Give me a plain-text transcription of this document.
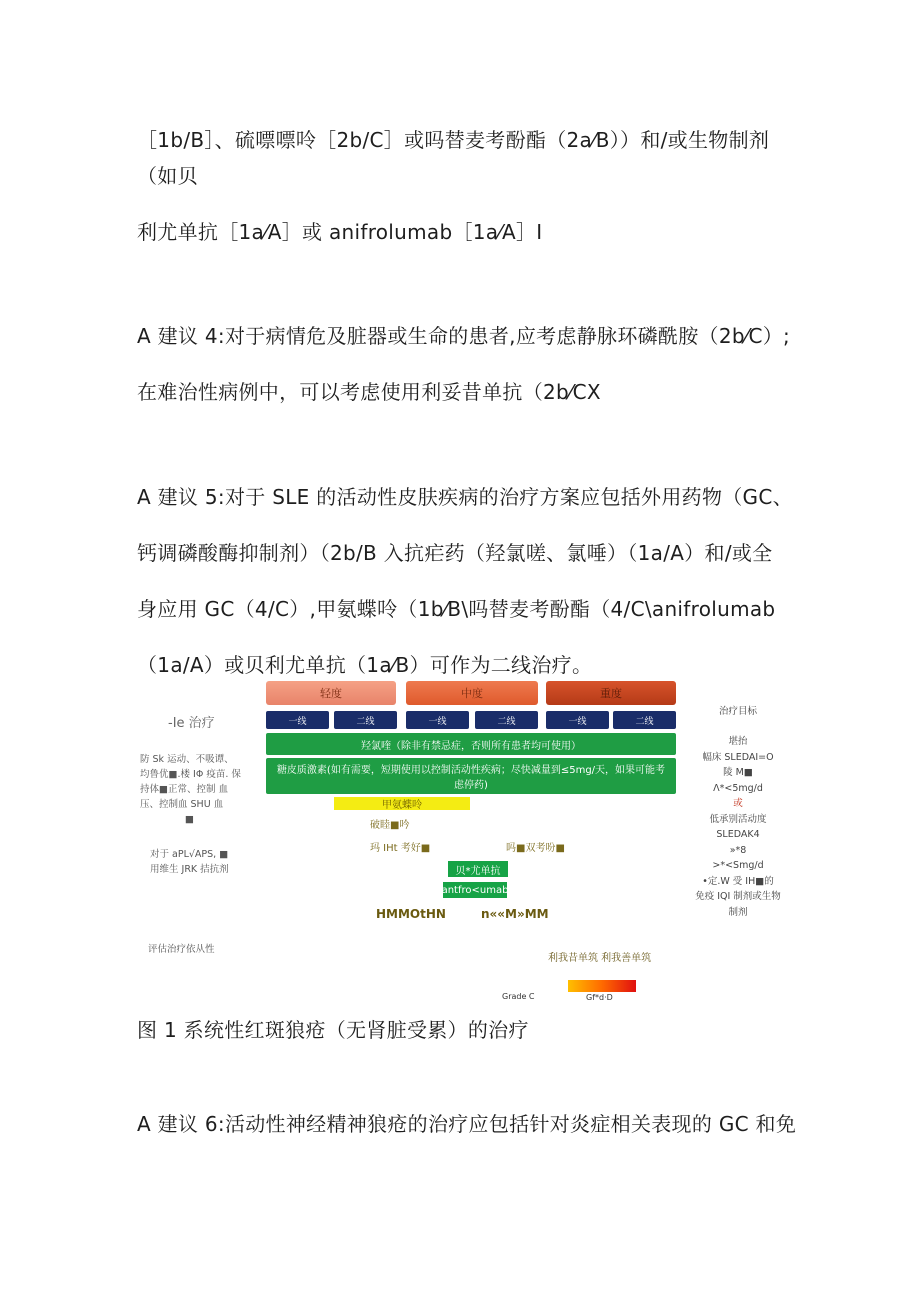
［1b/B］、硫嘌嘌呤［2b/C］或吗替麦考酚酯（2a⁄B））和/或生物制剂
（如贝
利尤单抗［1a⁄A］或 anifrolumab［1a⁄A］I
A 建议 4:对于病情危及脏器或生命的患者,应考虑静脉环磷酰胺（2b⁄C）;
在难治性病例中，可以考虑使用利妥昔单抗（2b⁄CX
A 建议 5:对于 SLE 的活动性皮肤疾病的治疗方案应包括外用药物（GC、
钙调磷酸酶抑制剂）（2b/B 入抗疟药（羟氯嗟、氯唾）（1a/A）和/或全
身应用 GC（4/C）,甲氨蝶呤（1b⁄B\吗替麦考酚酯（4/C\anifrolumab
（1a/A）或贝利尤单抗（1a⁄B）可作为二线治疗。
轻度	中度	重度
一线	二线	一线	二线	一线	二线
羟氯喹（除非有禁忌症，否则所有患者均可使用）
糖皮质激素(如有需要，短期使用以控制活动性疾病；尽快减量到≤5mg/天，如果可能考虑停药)
甲氨蝶呤
破睦■吟
玛 IHt 考好■	吗■双考吩■
贝*尤单抗
antfro<umab
HMMOtHN	n««M»MM
利我昔单筑 利我善单筑
Grade C	Gf*d·D
-Ie 治疗
防 Sk 运动、不吸谭、
均鲁优■.楼 IΦ 疫苗. 保
持体■正常、控制 血
压、控制血 SHU 血
■
对于 aPL√APS, ■
用维生 JRK 拮抗剂
评估治疗依从性
治疗目标
堪抬
幅床 SLEDAI=O
陵 M■
Λ*<5mg/d
或
低承别活动度
SLEDAK4
»*8
>*<Smg/d
•定.W 受 IH■的
免疫 IQI 制剂或生物
制剂
图 1 系统性红斑狼疮（无肾脏受累）的治疗
A 建议 6:活动性神经精神狼疮的治疗应包括针对炎症相关表现的 GC 和免
